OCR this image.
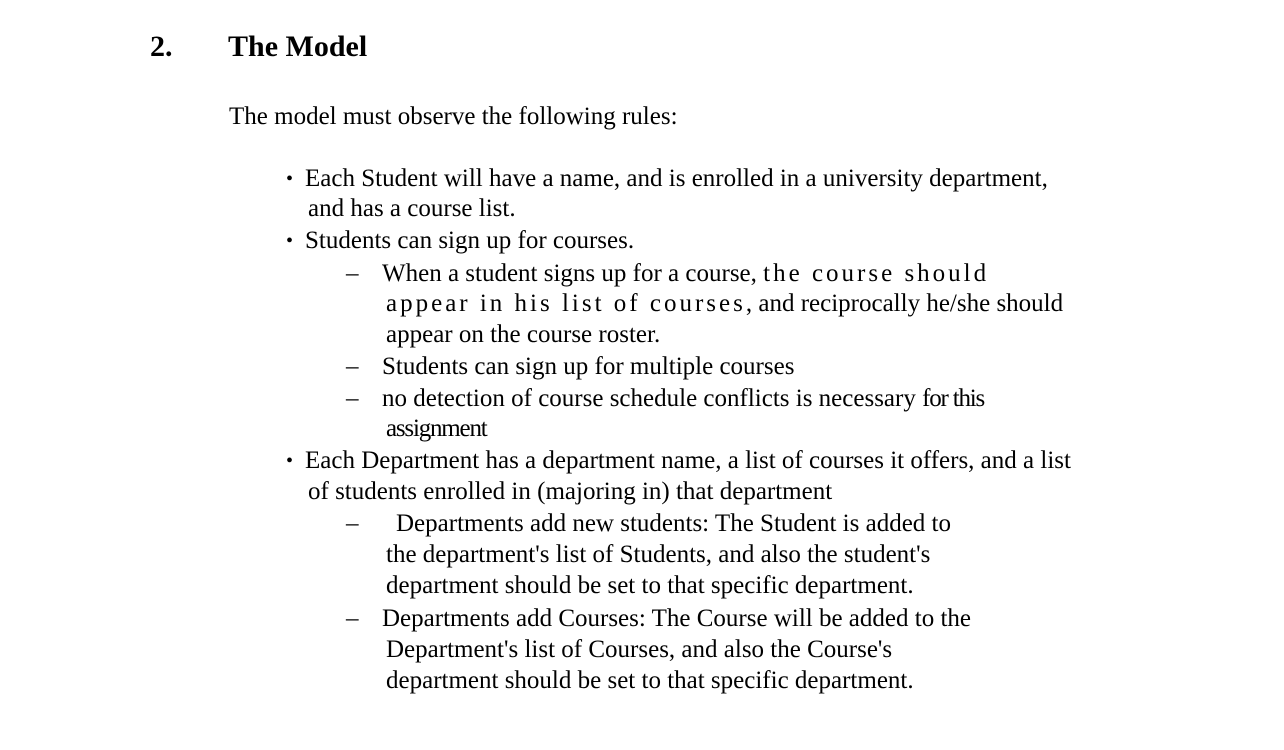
2. The Model
The model must observe the following rules:
• Each Student will have a name, and is enrolled in a university department,
and has a course list.
• Students can sign up for courses.
– When a student signs up for a course, the course should
appear in his list of courses, and reciprocally he/she should
appear on the course roster.
– Students can sign up for multiple courses
– no detection of course schedule conflicts is necessary for this
assignment
• Each Department has a department name, a list of courses it offers, and a list
of students enrolled in (majoring in) that department
– Departments add new students: The Student is added to
the department's list of Students, and also the student's
department should be set to that specific department.
– Departments add Courses: The Course will be added to the
Department's list of Courses, and also the Course's
department should be set to that specific department.
